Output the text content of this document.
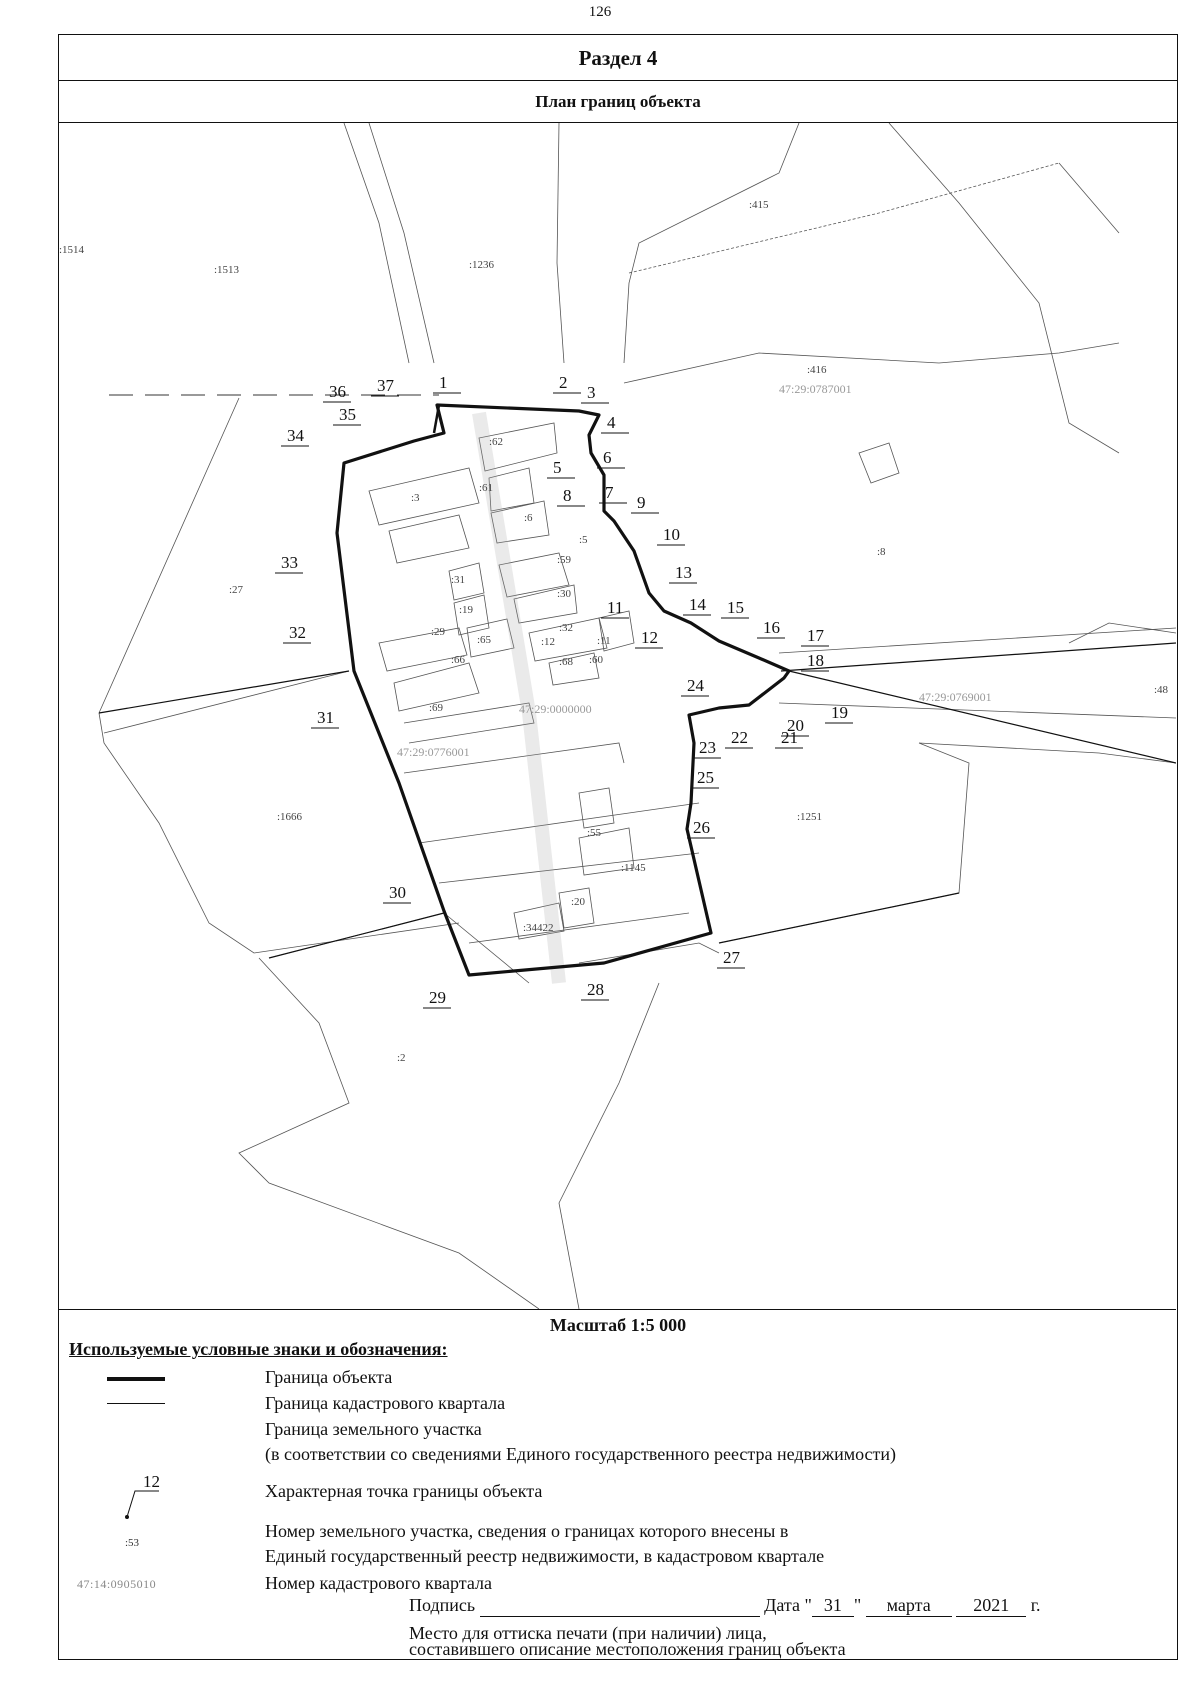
126
Раздел 4
План границ объекта
1	2
3
4
5
6
7
8	9
10
11
12
13
14 15
16 17
18
19
20
21
22
23
24
25
26
27
28
29
30
31
32
33
34
35
36 37
:1514
:1513	:1236
:415
:416
:62
:61
:3
:6
:5
:59
:31
:30
:19
:32
:29
:65	:12	:11
:66	:68 :60
:69
:8
:27
:1666	:1251
:55
:1145
:20
:34422
:2
:48
47:29:0787001
47:29:0000000
47:29:0776001
47:29:0769001
Масштаб 1:5 000
Используемые условные знаки и обозначения:
Граница объекта
Граница кадастрового квартала
Граница земельного участка
(в соответствии со сведениями Единого государственного реестра недвижимости)
12	Характерная точка границы объекта
:53
Номер земельного участка, сведения о границах которого внесены в
Единый государственный реестр недвижимости, в кадастровом квартале
47:14:0905010	Номер кадастрового квартала
Подпись	Дата " 31 " марта 2021 г.
Место для оттиска печати (при наличии) лица,
составившего описание местоположения границ объекта
